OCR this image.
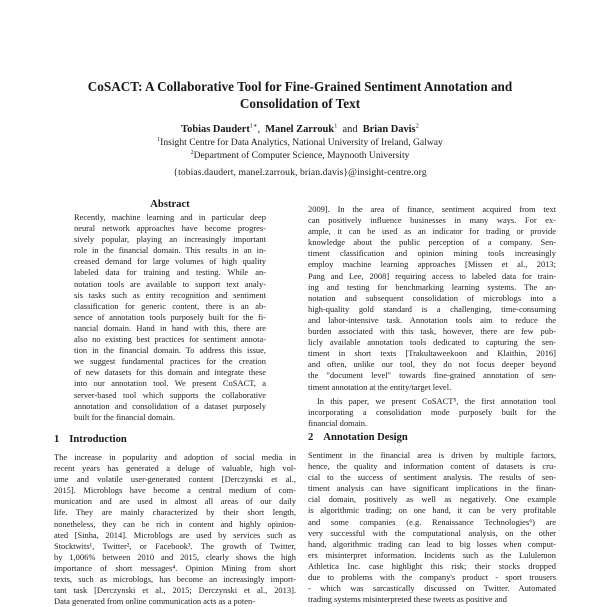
CoSACT: A Collaborative Tool for Fine-Grained Sentiment Annotation and
Consolidation of Text
Tobias Daudert$^{1∗}$, Manel Zarrouk$^1$ and Brian Davis$^2$
$^1$Insight Centre for Data Analytics, National University of Ireland, Galway
$^2$Department of Computer Science, Maynooth University
{tobias.daudert, manel.zarrouk, brian.davis}@insight-centre.org
Abstract
Recently, machine learning and in particular deep
neural network approaches have become progres-
sively popular, playing an increasingly important
role in the financial domain. This results in an in-
creased demand for large volumes of high quality
labeled data for training and testing. While an-
notation tools are available to support text analy-
sis tasks such as entity recognition and sentiment
classification for generic content, there is an ab-
sence of annotation tools purposely built for the fi-
nancial domain. Hand in hand with this, there are
also no existing best practices for sentiment annota-
tion in the financial domain. To address this issue,
we suggest fundamental practices for the creation
of new datasets for this domain and integrate these
into our annotation tool. We present CoSACT, a
server-based tool which supports the collaborative
annotation and consolidation of a dataset purposely
built for the financial domain.
1 Introduction
The increase in popularity and adoption of social media in
recent years has generated a deluge of valuable, high vol-
ume and volatile user-generated content [Derczynski et al.,
2015]. Microblogs have become a central medium of com-
munication and are used in almost all areas of our daily
life. They are mainly characterized by their short length,
nonetheless, they can be rich in content and highly opinion-
ated [Sinha, 2014]. Microblogs are used by services such as
Stocktwits¹, Twitter², or Facebook³. The growth of Twitter,
by 1,006% between 2010 and 2015, clearly shows the high
importance of short messages⁴. Opinion Mining from short
texts, such as microblogs, has become an increasingly import-
tant task [Derczynski et al., 2015; Derczynski et al., 2013].
Data generated from online communication acts as a poten-
2009]. In the area of finance, sentiment acquired from text
can positively influence businesses in many ways. For ex-
ample, it can be used as an indicator for trading or provide
knowledge about the public perception of a company. Sen-
timent classification and opinion mining tools increasingly
employ machine learning approaches [Missen et al., 2013;
Pang and Lee, 2008] requiring access to labeled data for train-
ing and testing for benchmarking learning systems. The an-
notation and subsequent consolidation of microblogs into a
high-quality gold standard is a challenging, time-consuming
and labor-intensive task. Annotation tools aim to reduce the
burden associated with this task, however, there are few pub-
licly available annotation tools dedicated to capturing the sen-
timent in short texts [Trakultaweekoon and Klaithin, 2016]
and often, unlike our tool, they do not focus deeper beyond
the "document level" towards fine-grained annotation of sen-
timent annotation at the entity/target level.
In this paper, we present CoSACT⁵, the first annotation tool
incorporating a consolidation mode purposely built for the
financial domain.
2 Annotation Design
Sentiment in the financial area is driven by multiple factors,
hence, the quality and information content of datasets is cru-
cial to the success of sentiment analysis. The results of sen-
timent analysis can have significant implications in the finan-
cial domain, positively as well as negatively. One example
is algorithmic trading; on one hand, it can be very profitable
and some companies (e.g. Renaissance Technologies⁶) are
very successful with the computational analysis, on the other
hand, algorithmic trading can lead to big losses when comput-
ers misinterpret information. Incidents such as the Lululemon
Athletica Inc. case highlight this risk; their stocks dropped
due to problems with the company's product - sport trousers
- which was sarcastically discussed on Twitter. Automated
trading systems misinterpreted these tweets as positive and
